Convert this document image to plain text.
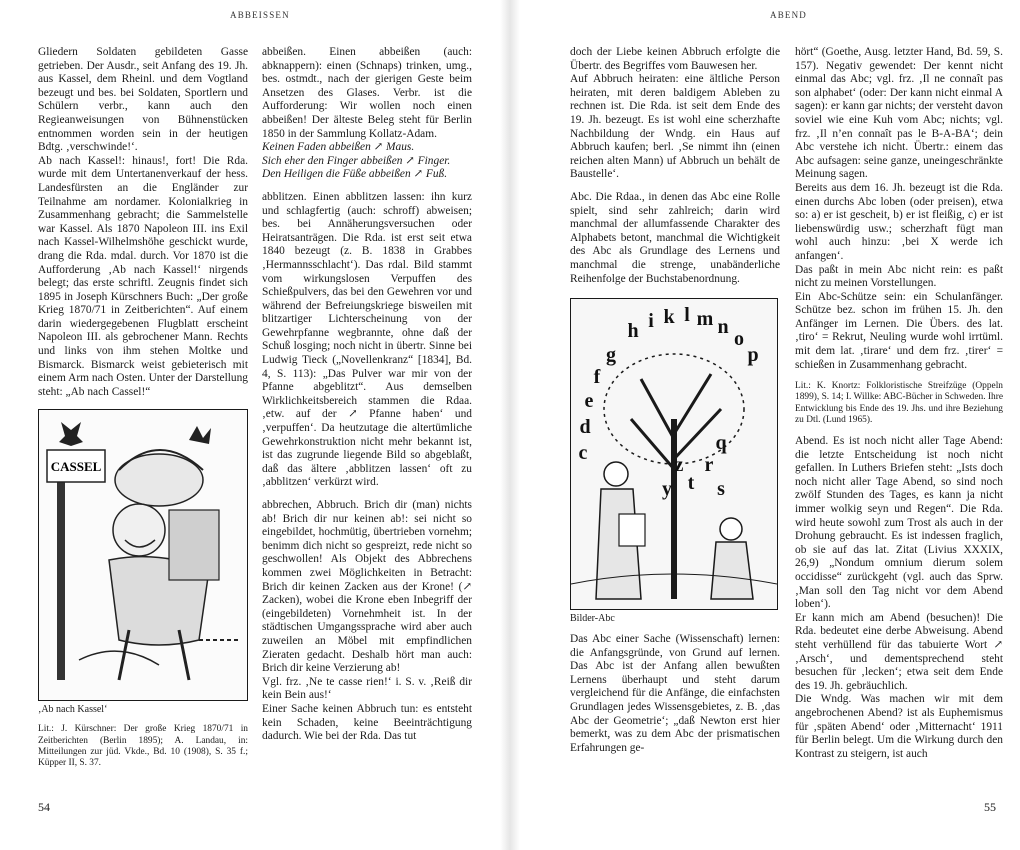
ABBEISSEN

Gliedern Soldaten gebildeten Gasse getrieben. Der Ausdr., seit Anfang des 19. Jh. aus Kassel, dem Rheinl. und dem Vogtland bezeugt und bes. bei Soldaten, Sportlern und Schülern verbr., kann auch den Regieanweisungen von Bühnenstücken entnommen worden sein in der heutigen Bdtg. ‚verschwinde!‘.

Ab nach Kassel!: hinaus!, fort! Die Rda. wurde mit dem Untertanenverkauf der hess. Landesfürsten an die Engländer zur Teilnahme am nordamer. Kolonialkrieg in Zusammenhang gebracht; die Sammelstelle war Kassel. Als 1870 Napoleon III. ins Exil nach Kassel-Wilhelmshöhe geschickt wurde, drang die Rda. mdal. durch. Vor 1870 ist die Aufforderung ‚Ab nach Kassel!‘ nirgends belegt; das erste schriftl. Zeugnis findet sich 1895 in Joseph Kürschners Buch: „Der große Krieg 1870/71 in Zeitberichten“. Auf einem darin wiedergegebenen Flugblatt erscheint Napoleon III. als gebrochener Mann. Rechts und links von ihm stehen Moltke und Bismarck. Bismarck weist gebieterisch mit einem Arm nach Osten. Unter der Darstellung steht: „Ab nach Cassel!“

CASSEL
‚Ab nach Kassel‘

Lit.: J. Kürschner: Der große Krieg 1870/71 in Zeitberichten (Berlin 1895); A. Landau, in: Mitteilungen zur jüd. Vkde., Bd. 10 (1908), S. 35 f.; Küpper II, S. 37.

abbeißen. Einen abbeißen (auch: abknappern): einen (Schnaps) trinken, umg., bes. ostmdt., nach der gierigen Geste beim Ansetzen des Glases. Verbr. ist die Aufforderung: Wir wollen noch einen abbeißen! Der älteste Beleg steht für Berlin 1850 in der Sammlung Kollatz-Adam.

Keinen Faden abbeißen ↗ Maus.

Sich eher den Finger abbeißen ↗ Finger.

Den Heiligen die Füße abbeißen ↗ Fuß.

abblitzen. Einen abblitzen lassen: ihn kurz und schlagfertig (auch: schroff) abweisen; bes. bei Annäherungsversuchen oder Heiratsanträgen. Die Rda. ist erst seit etwa 1840 bezeugt (z. B. 1838 in Grabbes ‚Hermannsschlacht‘). Das rdal. Bild stammt vom wirkungslosen Verpuffen des Schießpulvers, das bei den Gewehren vor und während der Befreiungskriege bisweilen mit blitzartiger Lichterscheinung von der Gewehrpfanne wegbrannte, ohne daß der Schuß losging; noch nicht in übertr. Sinne bei Ludwig Tieck („Novellenkranz“ [1834], Bd. 4, S. 113): „Das Pulver war mir von der Pfanne abgeblitzt“. Aus demselben Wirklichkeitsbereich stammen die Rdaa. ‚etw. auf der ↗ Pfanne haben‘ und ‚verpuffen‘. Da heutzutage die altertümliche Gewehrkonstruktion nicht mehr bekannt ist, ist das zugrunde liegende Bild so abgeblaßt, daß das ältere ‚abblitzen lassen‘ oft zu ‚abblitzen‘ verkürzt wird.

abbrechen, Abbruch. Brich dir (man) nichts ab! Brich dir nur keinen ab!: sei nicht so eingebildet, hochmütig, übertrieben vornehm; benimm dich nicht so gespreizt, rede nicht so geschwollen! Als Objekt des Abbrechens kommen zwei Möglichkeiten in Betracht: Brich dir keinen Zacken aus der Krone! (↗ Zacken), wobei die Krone eben Inbegriff der (eingebildeten) Vornehmheit ist. In der städtischen Umgangssprache wird aber auch zuweilen an Möbel mit empfindlichen Zieraten gedacht. Deshalb hört man auch: Brich dir keine Verzierung ab!

Vgl. frz. ‚Ne te casse rien!‘ i. S. v. ‚Reiß dir kein Bein aus!‘

Einer Sache keinen Abbruch tun: es entsteht kein Schaden, keine Beeinträchtigung dadurch. Wie bei der Rda. Das tut

54
ABEND

doch der Liebe keinen Abbruch erfolgte die Übertr. des Begriffes vom Bauwesen her.

Auf Abbruch heiraten: eine ältliche Person heiraten, mit deren baldigem Ableben zu rechnen ist. Die Rda. ist seit dem Ende des 19. Jh. bezeugt. Es ist wohl eine scherzhafte Nachbildung der Wndg. ein Haus auf Abbruch kaufen; berl. ‚Se nimmt ihn (einen reichen alten Mann) uf Abbruch un behält de Baustelle‘.

Abc. Die Rdaa., in denen das Abc eine Rolle spielt, sind sehr zahlreich; darin wird manchmal der allumfassende Charakter des Alphabets betont, manchmal die Wichtigkeit des Abc als Grundlage des Lernens und manchmal die strenge, unabänderliche Reihenfolge der Buchstabenordnung.

h i k l m n
o
p
g
f
e
d
c	q
r
s
t
z
y
Bilder-Abc

Das Abc einer Sache (Wissenschaft) lernen: die Anfangsgründe, von Grund auf lernen. Das Abc ist der Anfang allen bewußten Lernens überhaupt und steht darum vergleichend für die Anfänge, die einfachsten Grundlagen jedes Wissensgebietes, z. B. ‚das Abc der Geometrie‘; „daß Newton erst hier bemerkt, was zu dem Abc der prismatischen Erfahrungen ge-

hört“ (Goethe, Ausg. letzter Hand, Bd. 59, S. 157). Negativ gewendet: Der kennt nicht einmal das Abc; vgl. frz. ‚Il ne connaît pas son alphabet‘ (oder: Der kann nicht einmal A sagen): er kann gar nichts; der versteht davon soviel wie eine Kuh vom Abc; nichts; vgl. frz. ‚Il n’en connaît pas le B-A-BA‘; dein Abc verstehe ich nicht. Übertr.: einem das Abc aufsagen: seine ganze, uneingeschränkte Meinung sagen.

Bereits aus dem 16. Jh. bezeugt ist die Rda. einen durchs Abc loben (oder preisen), etwa so: a) er ist gescheit, b) er ist fleißig, c) er ist liebenswürdig usw.; scherzhaft fügt man wohl auch hinzu: ‚bei X werde ich anfangen‘.

Das paßt in mein Abc nicht rein: es paßt nicht zu meinen Vorstellungen.

Ein Abc-Schütze sein: ein Schulanfänger. Schütze bez. schon im frühen 15. Jh. den Anfänger im Lernen. Die Übers. des lat. ‚tiro‘ = Rekrut, Neuling wurde wohl irrtüml. mit dem lat. ‚tirare‘ und dem frz. ‚tirer‘ = schießen in Zusammenhang gebracht.

Lit.: K. Knortz: Folkloristische Streifzüge (Oppeln 1899), S. 14; I. Willke: ABC-Bücher in Schweden. Ihre Entwicklung bis Ende des 19. Jhs. und ihre Beziehung zu Dtl. (Lund 1965).

Abend. Es ist noch nicht aller Tage Abend: die letzte Entscheidung ist noch nicht gefallen. In Luthers Briefen steht: „Ists doch noch nicht aller Tage Abend, so sind noch zwölf Stunden des Tages, es kann ja nicht immer wolkig seyn und Regen“. Die Rda. wird heute sowohl zum Trost als auch in der Drohung gebraucht. Es ist indessen fraglich, ob sie auf das lat. Zitat (Livius XXXIX, 26,9) „Nondum omnium dierum solem occidisse“ zurückgeht (vgl. auch das Sprw. ‚Man soll den Tag nicht vor dem Abend loben‘).

Er kann mich am Abend (besuchen)! Die Rda. bedeutet eine derbe Abweisung. Abend steht verhüllend für das tabuierte Wort ↗ ‚Arsch‘, und dementsprechend steht besuchen für ‚lecken‘; etwa seit dem Ende des 19. Jh. gebräuchlich.

Die Wndg. Was machen wir mit dem angebrochenen Abend? ist als Euphemismus für ‚späten Abend‘ oder ‚Mitternacht‘ 1911 für Berlin belegt. Um die Wirkung durch den Kontrast zu steigern, ist auch

55
